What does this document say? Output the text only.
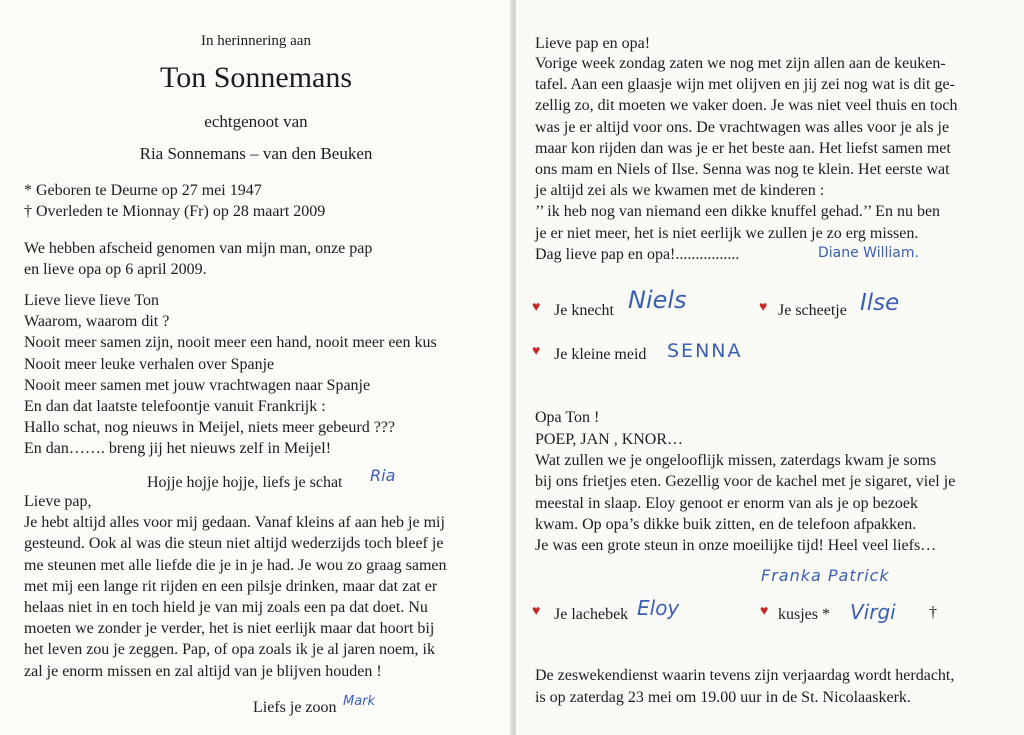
In herinnering aan
Ton Sonnemans
echtgenoot van
Ria Sonnemans – van den Beuken
* Geboren te Deurne op 27 mei 1947
† Overleden te Mionnay (Fr) op 28 maart 2009
We hebben afscheid genomen van mijn man, onze pap
en lieve opa op 6 april 2009.
Lieve lieve lieve Ton
Waarom, waarom dit ?
Nooit meer samen zijn, nooit meer een hand, nooit meer een kus
Nooit meer leuke verhalen over Spanje
Nooit meer samen met jouw vrachtwagen naar Spanje
En dan dat laatste telefoontje vanuit Frankrijk :
Hallo schat, nog nieuws in Meijel, niets meer gebeurd ???
En dan……. breng jij het nieuws zelf in Meijel!
Hojje hojje hojje, liefs je schat Ria
Lieve pap,
Je hebt altijd alles voor mij gedaan. Vanaf kleins af aan heb je mij
gesteund. Ook al was die steun niet altijd wederzijds toch bleef je
me steunen met alle liefde die je in je had. Je wou zo graag samen
met mij een lange rit rijden en een pilsje drinken, maar dat zat er
helaas niet in en toch hield je van mij zoals een pa dat doet. Nu
moeten we zonder je verder, het is niet eerlijk maar dat hoort bij
het leven zou je zeggen. Pap, of opa zoals ik je al jaren noem, ik
zal je enorm missen en zal altijd van je blijven houden !
Liefs je zoon Mark
Lieve pap en opa!
Vorige week zondag zaten we nog met zijn allen aan de keuken-
tafel. Aan een glaasje wijn met olijven en jij zei nog wat is dit ge-
zellig zo, dit moeten we vaker doen. Je was niet veel thuis en toch
was je er altijd voor ons. De vrachtwagen was alles voor je als je
maar kon rijden dan was je er het beste aan. Het liefst samen met
ons mam en Niels of Ilse. Senna was nog te klein. Het eerste wat
je altijd zei als we kwamen met de kinderen :
’’ ik heb nog van niemand een dikke knuffel gehad.’’ En nu ben
je er niet meer, het is niet eerlijk we zullen je zo erg missen.
Dag lieve pap en opa!................	Diane William.
♥ Je knecht Niels	♥ Je scheetje Ilse
♥ Je kleine meid SENNA
Opa Ton !
POEP, JAN , KNOR…
Wat zullen we je ongelooflijk missen, zaterdags kwam je soms
bij ons frietjes eten. Gezellig voor de kachel met je sigaret, viel je
meestal in slaap. Eloy genoot er enorm van als je op bezoek
kwam. Op opa’s dikke buik zitten, en de telefoon afpakken.
Je was een grote steun in onze moeilijke tijd! Heel veel liefs…
Franka Patrick
♥ Je lachebek Eloy	♥ kusjes * Virgi †
De zeswekendienst waarin tevens zijn verjaardag wordt herdacht,
is op zaterdag 23 mei om 19.00 uur in de St. Nicolaaskerk.
